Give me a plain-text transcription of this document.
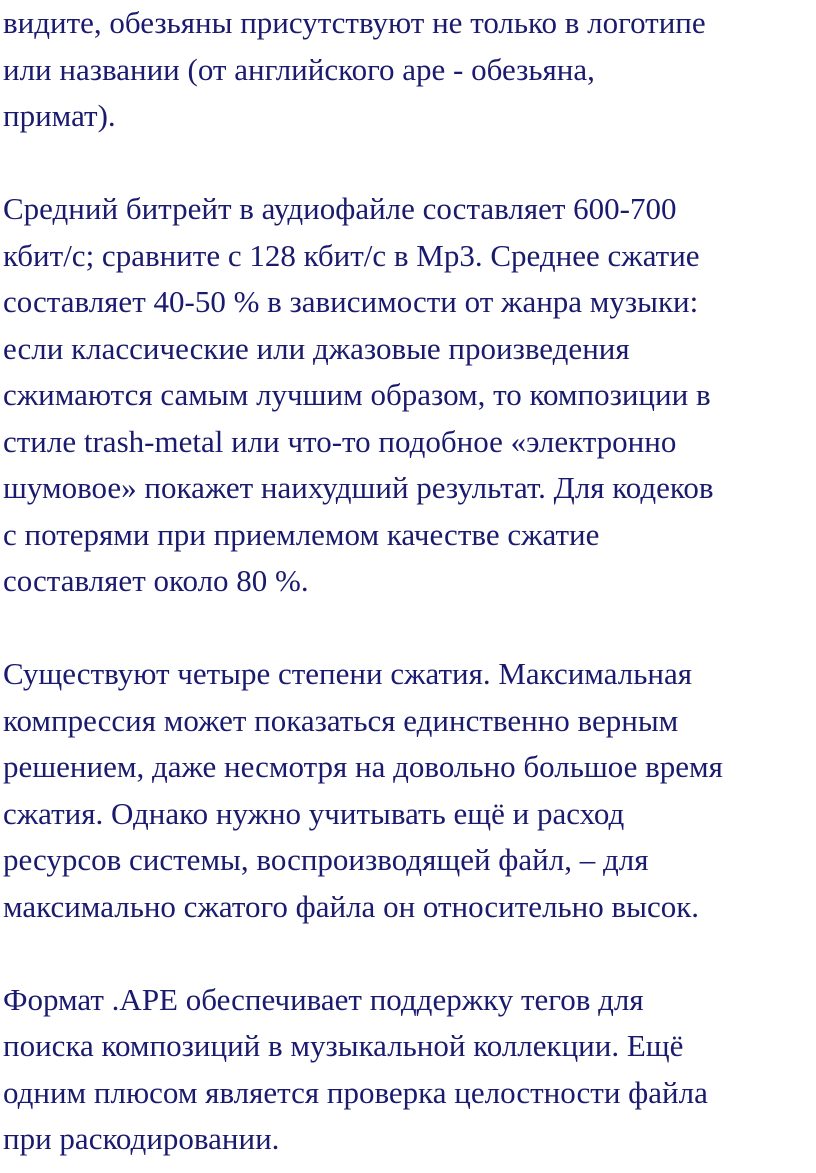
видите, обезьяны присутствуют не только в логотипе
или названии (от английского ape - обезьяна,
примат).
Средний битрейт в аудиофайле составляет 600-700
кбит/с; сравните с 128 кбит/с в Mp3. Среднее сжатие
составляет 40-50 % в зависимости от жанра музыки:
если классические или джазовые произведения
сжимаются самым лучшим образом, то композиции в
стиле trash-metal или что-то подобное «электронно
шумовое» покажет наихудший результат. Для кодеков
с потерями при приемлемом качестве сжатие
составляет около 80 %.
Существуют четыре степени сжатия. Максимальная
компрессия может показаться единственно верным
решением, даже несмотря на довольно большое время
сжатия. Однако нужно учитывать ещё и расход
ресурсов системы, воспроизводящей файл, – для
максимально сжатого файла он относительно высок.
Формат .APE обеспечивает поддержку тегов для
поиска композиций в музыкальной коллекции. Ещё
одним плюсом является проверка целостности файла
при раскодировании.
